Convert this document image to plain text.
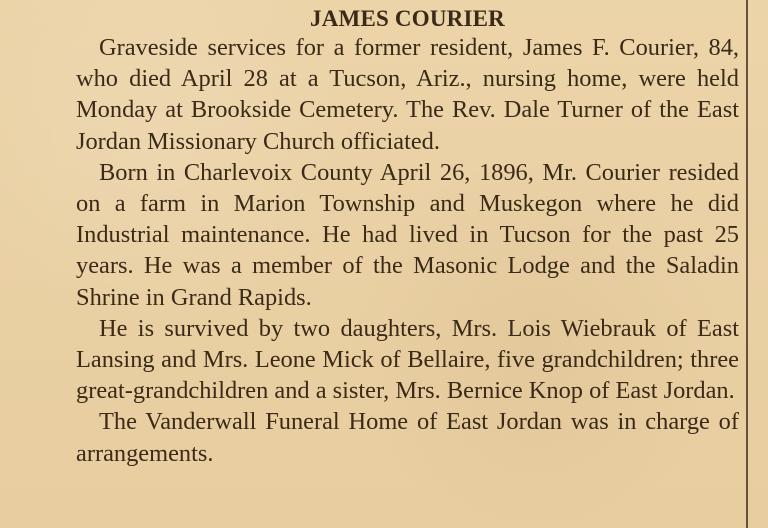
JAMES COURIER

Graveside services for a former resident, James F. Courier, 84, who died April 28 at a Tucson, Ariz., nursing home, were held Monday at Brookside Cemetery. The Rev. Dale Turner of the East Jordan Missionary Church officiated.

Born in Charlevoix County April 26, 1896, Mr. Courier resided on a farm in Marion Township and Muskegon where he did Industrial maintenance. He had lived in Tucson for the past 25 years. He was a member of the Masonic Lodge and the Saladin Shrine in Grand Rapids.

He is survived by two daughters, Mrs. Lois Wiebrauk of East Lansing and Mrs. Leone Mick of Bellaire, five grandchildren; three great-grandchildren and a sister, Mrs. Bernice Knop of East Jordan.

The Vanderwall Funeral Home of East Jordan was in charge of arrangements.
